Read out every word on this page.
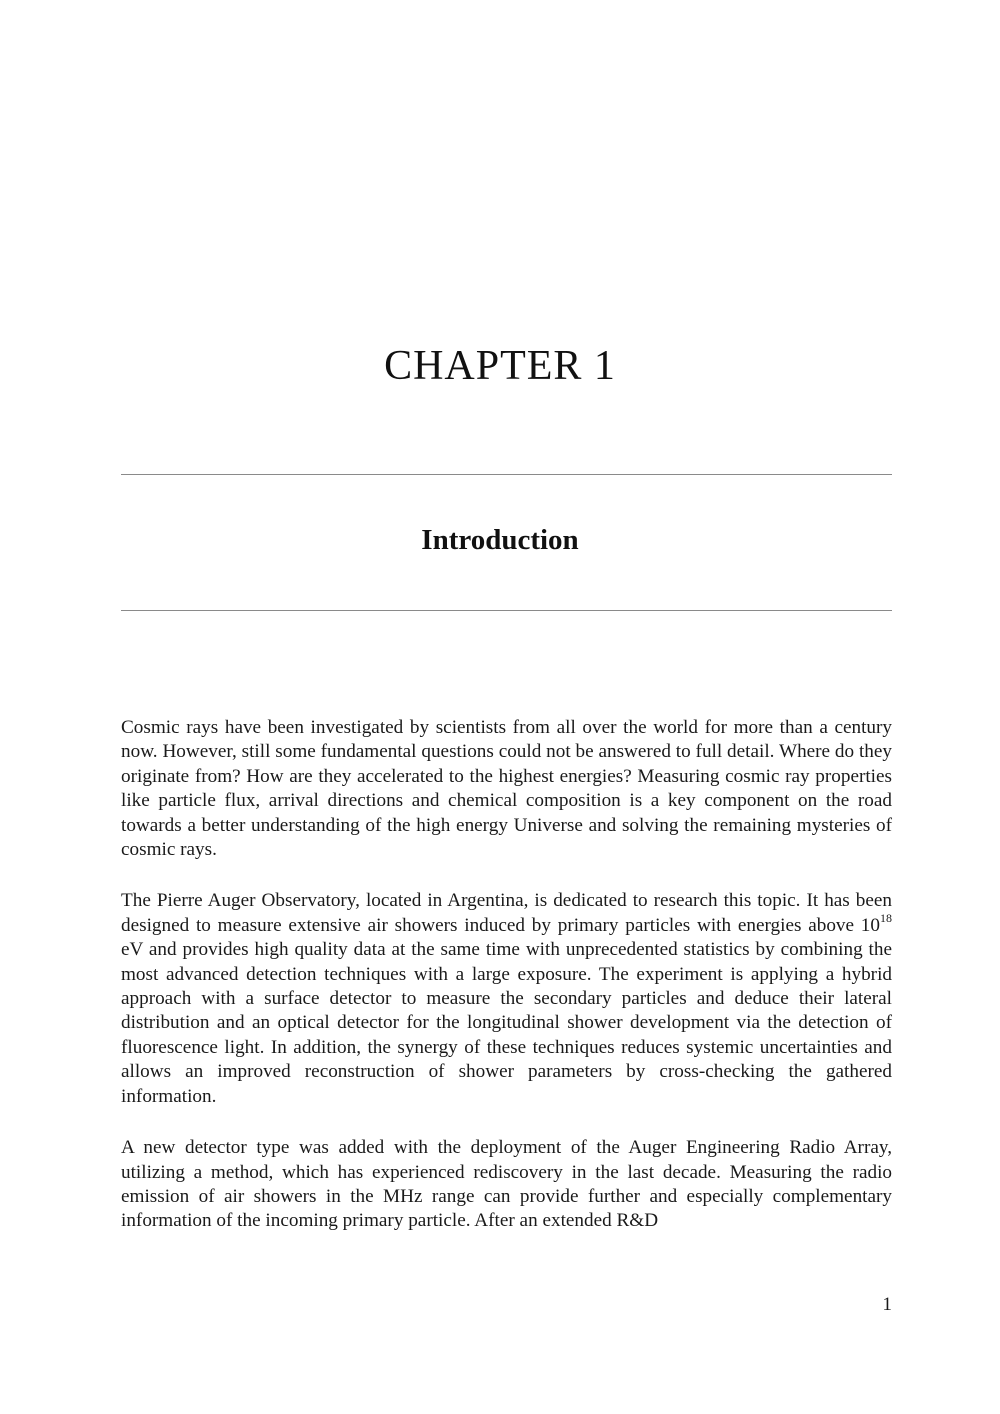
CHAPTER 1
Introduction

Cosmic rays have been investigated by scientists from all over the world for more than a century now. However, still some fundamental questions could not be answered to full detail. Where do they originate from? How are they accelerated to the highest energies? Measuring cosmic ray properties like particle flux, arrival directions and chemical composition is a key component on the road towards a better understanding of the high energy Universe and solving the remaining mysteries of cosmic rays.

The Pierre Auger Observatory, located in Argentina, is dedicated to research this topic. It has been designed to measure extensive air showers induced by primary particles with energies above $10^{18}$ eV and provides high quality data at the same time with unprecedented statistics by combining the most advanced detection techniques with a large exposure. The experiment is applying a hybrid approach with a surface detector to measure the secondary particles and deduce their lateral distribution and an optical detector for the longitudinal shower development via the detection of fluorescence light. In addition, the synergy of these techniques reduces systemic uncertainties and allows an improved reconstruction of shower parameters by cross-checking the gathered information.

A new detector type was added with the deployment of the Auger Engineering Radio Array, utilizing a method, which has experienced rediscovery in the last decade. Measuring the radio emission of air showers in the MHz range can provide further and especially complementary information of the incoming primary particle. After an extended R&D

1
